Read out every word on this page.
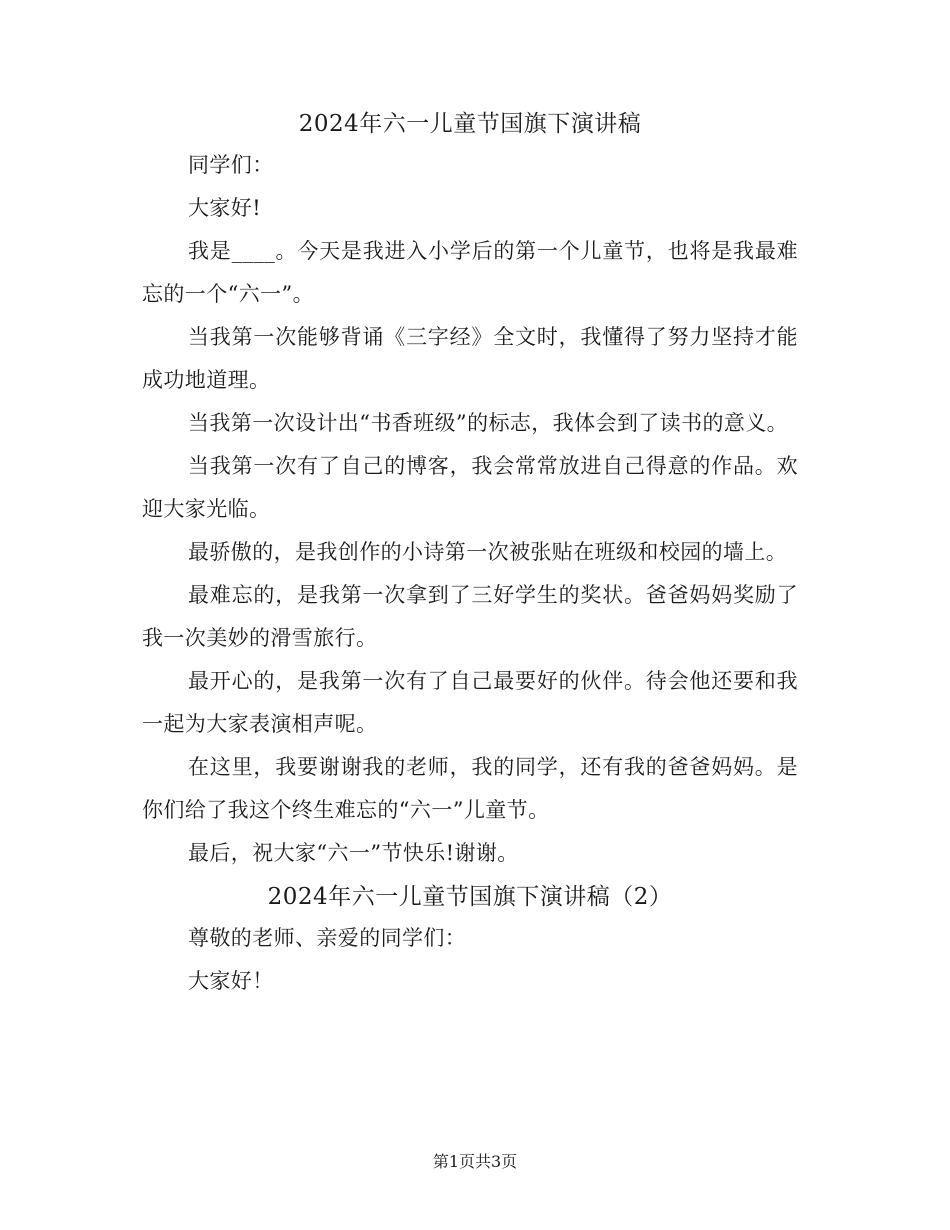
2024年六一儿童节国旗下演讲稿

同学们：

大家好!

我是____。今天是我进入小学后的第一个儿童节，也将是我最难忘的一个“六一”。

当我第一次能够背诵《三字经》全文时，我懂得了努力坚持才能成功地道理。

当我第一次设计出“书香班级”的标志，我体会到了读书的意义。

当我第一次有了自己的博客，我会常常放进自己得意的作品。欢迎大家光临。

最骄傲的，是我创作的小诗第一次被张贴在班级和校园的墙上。

最难忘的，是我第一次拿到了三好学生的奖状。爸爸妈妈奖励了我一次美妙的滑雪旅行。

最开心的，是我第一次有了自己最要好的伙伴。待会他还要和我一起为大家表演相声呢。

在这里，我要谢谢我的老师，我的同学，还有我的爸爸妈妈。是你们给了我这个终生难忘的“六一”儿童节。

最后，祝大家“六一”节快乐!谢谢。

2024年六一儿童节国旗下演讲稿（2）

尊敬的老师、亲爱的同学们：

大家好！

第1页共3页
